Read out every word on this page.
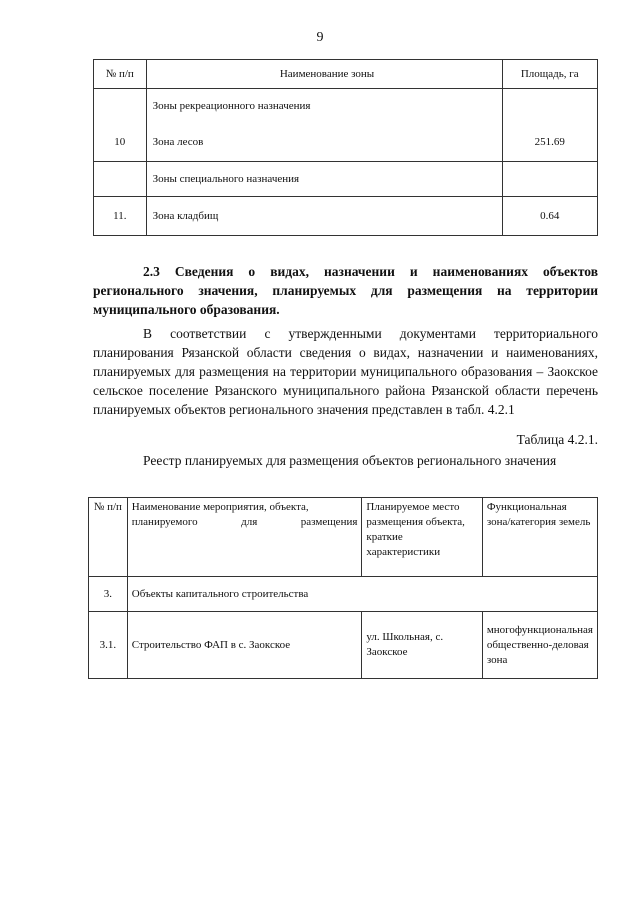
9
№ п/п	Наименование зоны	Площадь, га
	Зоны рекреационного назначения	
10	Зона лесов	251.69
	Зоны специального назначения	
11.	Зона кладбищ	0.64

2.3 Сведения о видах, назначении и наименованиях объектов регионального значения, планируемых для размещения на территории муниципального образования.

В соответствии с утвержденными документами территориального планирования Рязанской области сведения о видах, назначении и наименованиях, планируемых для размещения на территории муниципального образования – Заокское сельское поселение Рязанского муниципального района Рязанской области перечень планируемых объектов регионального значения представлен в табл. 4.2.1

Таблица 4.2.1.

Реестр планируемых для размещения объектов регионального значения

№ п/п	Наименование мероприятия, объекта, планируемого для размещения	Планируемое место размещения объекта, краткие характеристики	Функциональная зона/категория земель
3.	Объекты капитального строительства		
3.1.	Строительство ФАП в с. Заокское	ул. Школьная, с. Заокское	многофункциональная общественно-деловая зона
